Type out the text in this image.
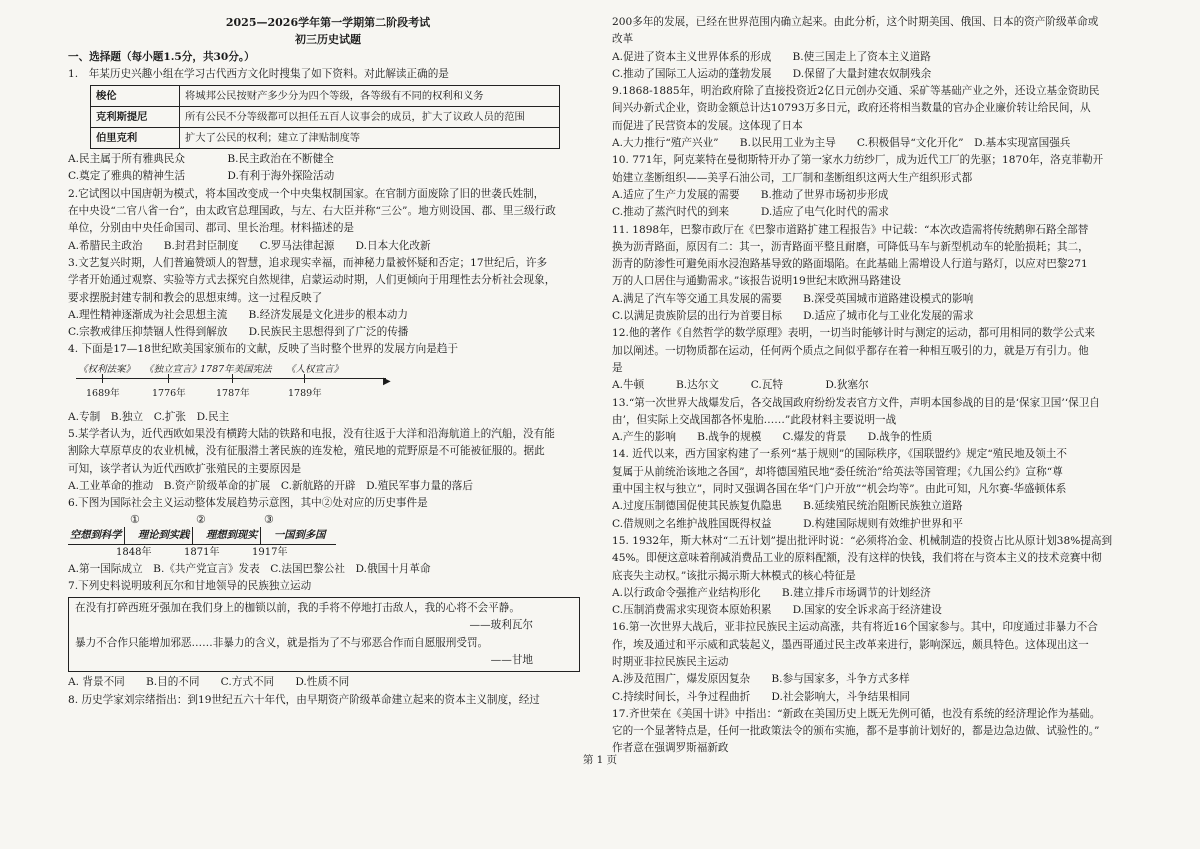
2025—2026学年第一学期第二阶段考试
初三历史试题
一、选择题（每小题1.5分，共30分。）
1.　年某历史兴趣小组在学习古代西方文化时搜集了如下资料。对此解读正确的是
梭伦	将城邦公民按财产多少分为四个等级，各等级有不同的权利和义务
克利斯提尼	所有公民不分等级都可以担任五百人议事会的成员，扩大了议政人员的范围
伯里克利	扩大了公民的权利；建立了津贴制度等
A.民主属于所有雅典民众　　　　B.民主政治在不断健全
C.奠定了雅典的精神生活　　　　D.有利于海外探险活动
2.它试图以中国唐朝为模式，将本国改变成一个中央集权制国家。在官制方面废除了旧的世袭氏姓制，
在中央设“二官八省一台”，由太政官总理国政，与左、右大臣并称“三公”。地方则设国、郡、里三级行政
单位，分别由中央任命国司、郡司、里长治理。材料描述的是
A.希腊民主政治　　B.封君封臣制度　　C.罗马法律起源　　D.日本大化改新
3.文艺复兴时期，人们普遍赞颂人的智慧，追求现实幸福，而神秘力量被怀疑和否定；17世纪后，许多
学者开始通过观察、实验等方式去探究自然规律，启蒙运动时期，人们更倾向于用理性去分析社会现象，
要求摆脱封建专制和教会的思想束缚。这一过程反映了
A.理性精神逐渐成为社会思想主流　　B.经济发展是文化进步的根本动力
C.宗教戒律压抑禁锢人性得到解放　　D.民族民主思想得到了广泛的传播
4. 下面是17—18世纪欧美国家颁布的文献，反映了当时整个世界的发展方向是趋于
▶
《权利法案》 《独立宣言》
1787年美国宪法 《人权宣言》
1689年	1776年	1787年	1789年
A.专制　B.独立　C.扩张　D.民主
5.某学者认为，近代西欧如果没有横跨大陆的铁路和电报，没有往返于大洋和沿海航道上的汽船，没有能
割除大草原草皮的农业机械，没有征服潜土著民族的连发枪，殖民地的荒野原是不可能被征服的。据此
可知，该学者认为近代西欧扩张殖民的主要原因是
A.工业革命的推动　B.资产阶级革命的扩展　C.新航路的开辟　D.殖民军事力量的落后
6.下图为国际社会主义运动整体发展趋势示意图，其中②处对应的历史事件是
①	②	③
空想到科学	理论到实践	理想到现实	一国到多国
1848年	1871年	1917年
A.第一国际成立　B.《共产党宣言》发表　C.法国巴黎公社　D.俄国十月革命
7.下列史料说明玻利瓦尔和甘地领导的民族独立运动
在没有打碎西班牙强加在我们身上的枷锁以前，我的手将不停地打击敌人，我的心将不会平静。
——玻利瓦尔
暴力不合作只能增加邪恶……非暴力的含义，就是指为了不与邪恶合作而自愿服刑受罚。
——甘地
A. 背景不同　　B.目的不同　　C.方式不同　　D.性质不同
8. 历史学家刘宗绪指出：到19世纪五六十年代，由早期资产阶级革命建立起来的资本主义制度，经过
200多年的发展，已经在世界范围内确立起来。由此分析，这个时期美国、俄国、日本的资产阶级革命或
改革
A.促进了资本主义世界体系的形成　　B.使三国走上了资本主义道路
C.推动了国际工人运动的蓬勃发展　　D.保留了大量封建农奴制残余
9.1868-1885年，明治政府除了直接投资近2亿日元创办交通、采矿等基础产业之外，还设立基金资助民
间兴办新式企业，资助金额总计达10793万多日元，政府还将相当数量的官办企业廉价转让给民间，从
而促进了民营资本的发展。这体现了日本
A.大力推行“殖产兴业”　　B.以民用工业为主导　　C.积极倡导“文化开化”　D.基本实现富国强兵
10. 771年，阿克莱特在曼彻斯特开办了第一家水力纺纱厂，成为近代工厂的先驱；1870年，洛克菲勒开
始建立垄断组织——美孚石油公司，工厂制和垄断组织这两大生产组织形式都
A.适应了生产力发展的需要　　B.推动了世界市场初步形成
C.推动了蒸汽时代的到来　　　D.适应了电气化时代的需求
11. 1898年，巴黎市政厅在《巴黎市道路扩建工程报告》中记载：“本次改造需将传统鹅卵石路全部替
换为沥青路面，原因有二：其一，沥青路面平整且耐磨，可降低马车与新型机动车的轮胎损耗；其二，
沥青的防渗性可避免雨水浸泡路基导致的路面塌陷。在此基础上需增设人行道与路灯，以应对巴黎271
万的人口居住与通勤需求。”该报告说明19世纪末欧洲马路建设
A.满足了汽车等交通工具发展的需要　　B.深受英国城市道路建设模式的影响
C.以满足贵族阶层的出行为首要目标　　D.适应了城市化与工业化发展的需求
12.他的著作《自然哲学的数学原理》表明，一切当时能够计时与测定的运动，都可用相同的数学公式来
加以阐述。一切物质都在运动，任何两个质点之间似乎都存在着一种相互吸引的力，就是万有引力。他
是
A.牛顿　　　B.达尔文　　　C.瓦特　　　　D.狄塞尔
13.“第一次世界大战爆发后，各交战国政府纷纷发表官方文件，声明本国参战的目的是‘保家卫国’‘保卫自
由’，但实际上交战国都各怀鬼胎……”此段材料主要说明一战
A.产生的影响　　B.战争的规模　　C.爆发的背景　　D.战争的性质
14. 近代以来，西方国家构建了一系列“基于规则”的国际秩序，《国联盟约》规定“殖民地及领土不
复属于从前统治该地之各国”，却将德国殖民地“委任统治”给英法等国管理；《九国公约》宣称“尊
重中国主权与独立”，同时又强调各国在华“门户开放”“机会均等”。由此可知，凡尔赛-华盛顿体系
A.过度压制德国促使其民族复仇隐患　　B.延续殖民统治阻断民族独立道路
C.借规则之名维护战胜国既得权益　　　D.构建国际规则有效维护世界和平
15. 1932年，斯大林对“二五计划”提出批评时说：“必须将冶金、机械制造的投资占比从原计划38%提高到
45%。即便这意味着削减消费品工业的原料配额，没有这样的快钱，我们将在与资本主义的技术竞赛中彻
底丧失主动权。”该批示揭示斯大林模式的核心特征是
A.以行政命令强推产业结构形化　　B.建立排斥市场调节的计划经济
C.压制消费需求实现资本原始积累　　D.国家的安全诉求高于经济建设
16.第一次世界大战后，亚非拉民族民主运动高涨，共有将近16个国家参与。其中，印度通过非暴力不合
作，埃及通过和平示威和武装起义，墨西哥通过民主改革来进行，影响深远，颇具特色。这体现出这一
时期亚非拉民族民主运动
A.涉及范围广，爆发原因复杂　　B.参与国家多，斗争方式多样
C.持续时间长，斗争过程曲折　　D.社会影响大，斗争结果相同
17.齐世荣在《美国十讲》中指出：“新政在美国历史上既无先例可循，也没有系统的经济理论作为基础。
它的一个显著特点是，任何一批政策法令的颁布实施，都不是事前计划好的，都是边急边做、试验性的。”
作者意在强调罗斯福新政
第 1 页
